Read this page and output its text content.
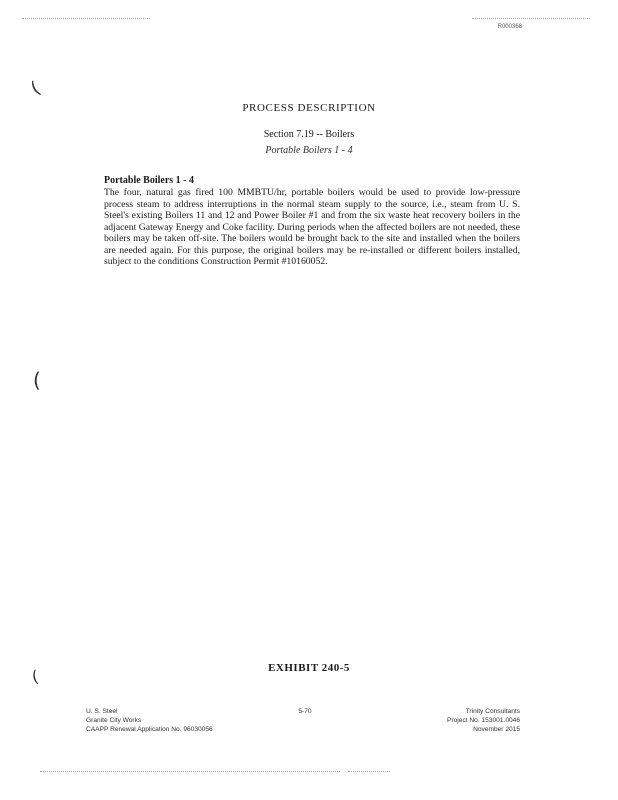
R000368
(
(
(
PROCESS DESCRIPTION
Section 7.19 -- Boilers
Portable Boilers 1 - 4
Portable Boilers 1 - 4

The four, natural gas fired 100 MMBTU/hr, portable boilers would be used to provide low-pressure process steam to address interruptions in the normal steam supply to the source, i.e., steam from U. S. Steel's existing Boilers 11 and 12 and Power Boiler #1 and from the six waste heat recovery boilers in the adjacent Gateway Energy and Coke facility. During periods when the affected boilers are not needed, these boilers may be taken off-site. The boilers would be brought back to the site and installed when the boilers are needed again. For this purpose, the original boilers may be re-installed or different boilers installed, subject to the conditions Construction Permit #10160052.

EXHIBIT 240-5
U. S. Steel
Granite City Works
CAAPP Renewal Application No. 96030056
5-70	Trinity Consultants
Project No. 153001.0046
November 2015
